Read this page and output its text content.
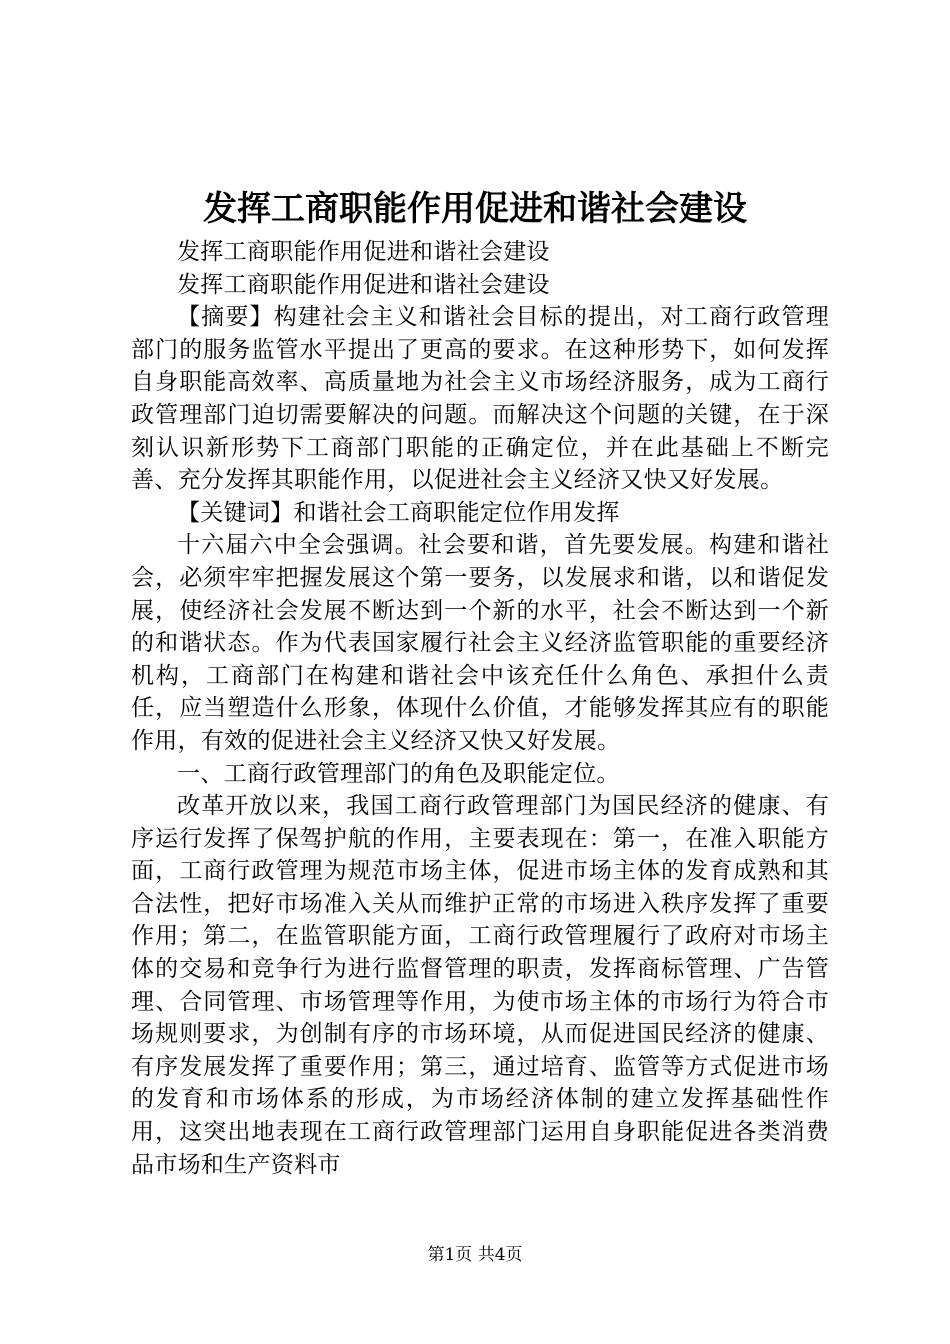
发挥工商职能作用促进和谐社会建设

发挥工商职能作用促进和谐社会建设

发挥工商职能作用促进和谐社会建设

【摘要】构建社会主义和谐社会目标的提出，对工商行政管理部门的服务监管水平提出了更高的要求。在这种形势下，如何发挥自身职能高效率、高质量地为社会主义市场经济服务，成为工商行政管理部门迫切需要解决的问题。而解决这个问题的关键，在于深刻认识新形势下工商部门职能的正确定位，并在此基础上不断完善、充分发挥其职能作用，以促进社会主义经济又快又好发展。

【关键词】和谐社会工商职能定位作用发挥

十六届六中全会强调。社会要和谐，首先要发展。构建和谐社会，必须牢牢把握发展这个第一要务，以发展求和谐，以和谐促发展，使经济社会发展不断达到一个新的水平，社会不断达到一个新的和谐状态。作为代表国家履行社会主义经济监管职能的重要经济机构，工商部门在构建和谐社会中该充任什么角色、承担什么责任，应当塑造什么形象，体现什么价值，才能够发挥其应有的职能作用，有效的促进社会主义经济又快又好发展。

一、工商行政管理部门的角色及职能定位。

改革开放以来，我国工商行政管理部门为国民经济的健康、有序运行发挥了保驾护航的作用，主要表现在：第一，在准入职能方面，工商行政管理为规范市场主体，促进市场主体的发育成熟和其合法性，把好市场准入关从而维护正常的市场进入秩序发挥了重要作用；第二，在监管职能方面，工商行政管理履行了政府对市场主体的交易和竞争行为进行监督管理的职责，发挥商标管理、广告管理、合同管理、市场管理等作用，为使市场主体的市场行为符合市场规则要求，为创制有序的市场环境，从而促进国民经济的健康、有序发展发挥了重要作用；第三，通过培育、监管等方式促进市场的发育和市场体系的形成，为市场经济体制的建立发挥基础性作用，这突出地表现在工商行政管理部门运用自身职能促进各类消费品市场和生产资料市

第1页 共4页
